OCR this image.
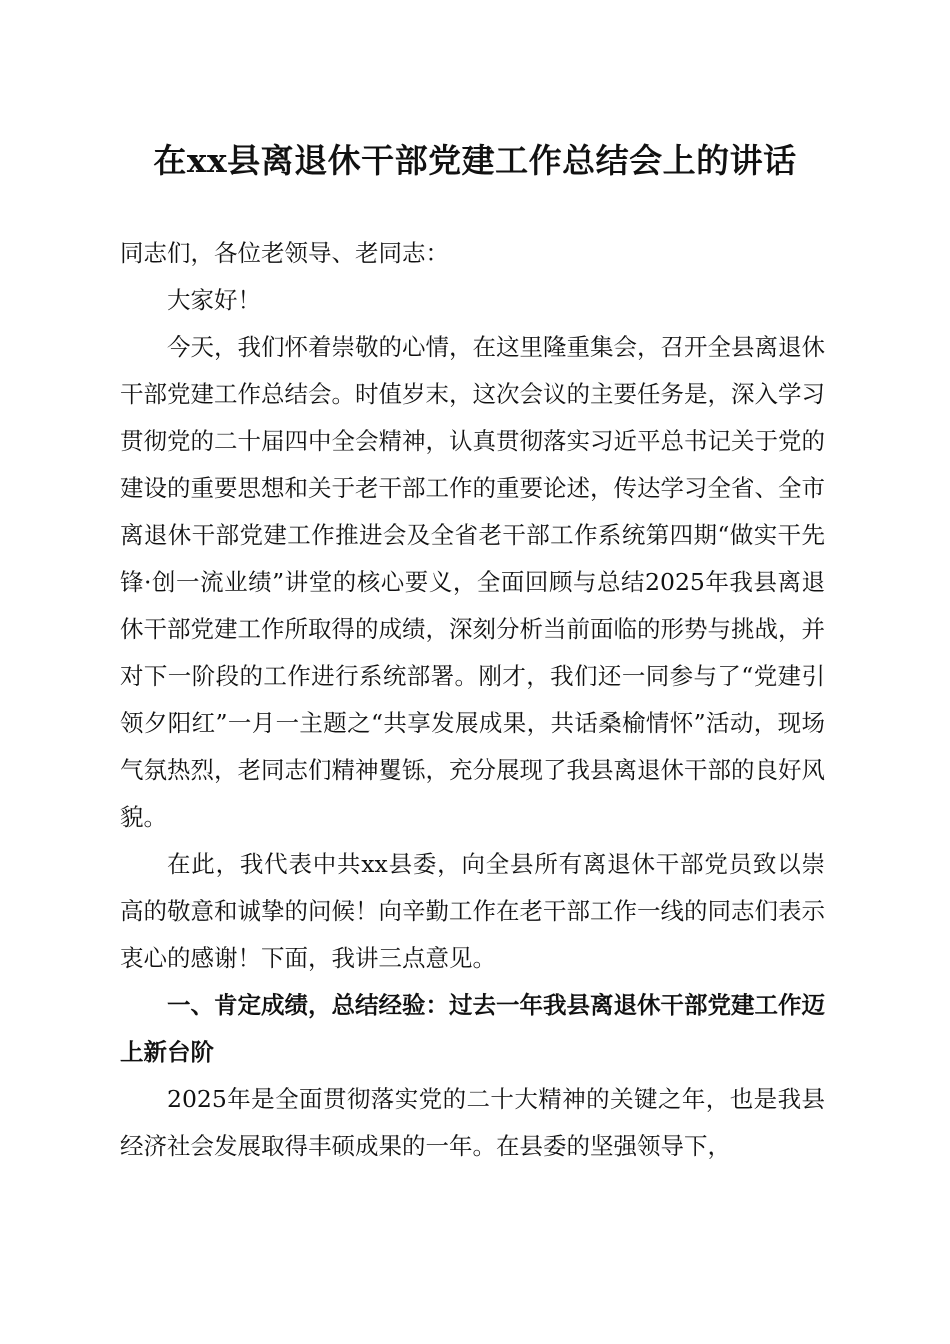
在xx县离退休干部党建工作总结会上的讲话

同志们，各位老领导、老同志：

大家好！

今天，我们怀着崇敬的心情，在这里隆重集会，召开全县离退休干部党建工作总结会。时值岁末，这次会议的主要任务是，深入学习贯彻党的二十届四中全会精神，认真贯彻落实习近平总书记关于党的建设的重要思想和关于老干部工作的重要论述，传达学习全省、全市离退休干部党建工作推进会及全省老干部工作系统第四期“做实干先锋·创一流业绩”讲堂的核心要义，全面回顾与总结2025年我县离退休干部党建工作所取得的成绩，深刻分析当前面临的形势与挑战，并对下一阶段的工作进行系统部署。刚才，我们还一同参与了“党建引领夕阳红”一月一主题之“共享发展成果，共话桑榆情怀”活动，现场气氛热烈，老同志们精神矍铄，充分展现了我县离退休干部的良好风貌。

在此，我代表中共xx县委，向全县所有离退休干部党员致以崇高的敬意和诚挚的问候！向辛勤工作在老干部工作一线的同志们表示衷心的感谢！下面，我讲三点意见。

一、肯定成绩，总结经验：过去一年我县离退休干部党建工作迈上新台阶

2025年是全面贯彻落实党的二十大精神的关键之年，也是我县经济社会发展取得丰硕成果的一年。在县委的坚强领导下，
